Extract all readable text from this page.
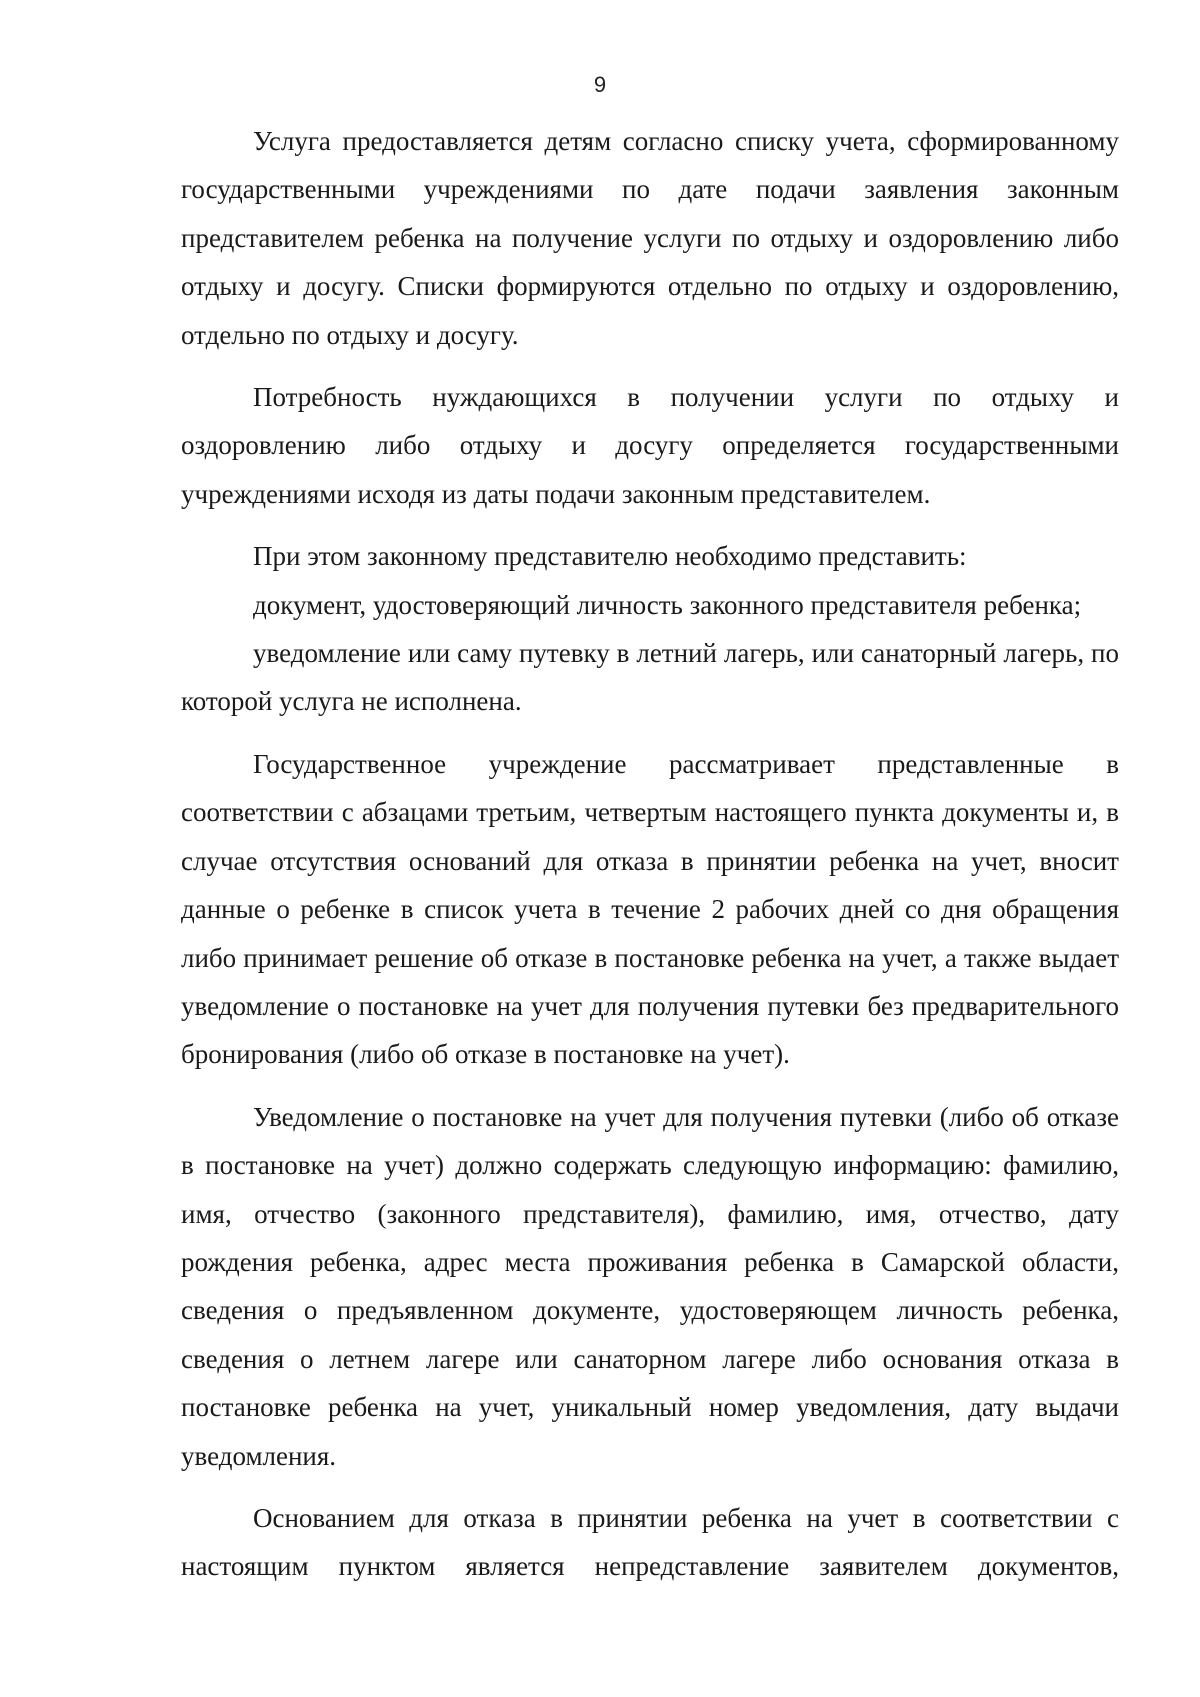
9

Услуга предоставляется детям согласно списку учета, сформированному государственными учреждениями по дате подачи заявления законным представителем ребенка на получение услуги по отдыху и оздоровлению либо отдыху и досугу. Списки формируются отдельно по отдыху и оздоровлению, отдельно по отдыху и досугу.

Потребность нуждающихся в получении услуги по отдыху и оздоровлению либо отдыху и досугу определяется государственными учреждениями исходя из даты подачи законным представителем.

При этом законному представителю необходимо представить:

документ, удостоверяющий личность законного представителя ребенка;

уведомление или саму путевку в летний лагерь, или санаторный лагерь, по которой услуга не исполнена.

Государственное учреждение рассматривает представленные в соответствии с абзацами третьим, четвертым настоящего пункта документы и, в случае отсутствия оснований для отказа в принятии ребенка на учет, вносит данные о ребенке в список учета в течение 2 рабочих дней со дня обращения либо принимает решение об отказе в постановке ребенка на учет, а также выдает уведомление о постановке на учет для получения путевки без предварительного бронирования (либо об отказе в постановке на учет).

Уведомление о постановке на учет для получения путевки (либо об отказе в постановке на учет) должно содержать следующую информацию: фамилию, имя, отчество (законного представителя), фамилию, имя, отчество, дату рождения ребенка, адрес места проживания ребенка в Самарской области, сведения о предъявленном документе, удостоверяющем личность ребенка, сведения о летнем лагере или санаторном лагере либо основания отказа в постановке ребенка на учет, уникальный номер уведомления, дату выдачи уведомления.

Основанием для отказа в принятии ребенка на учет в соответствии с настоящим пунктом является непредставление заявителем документов,
